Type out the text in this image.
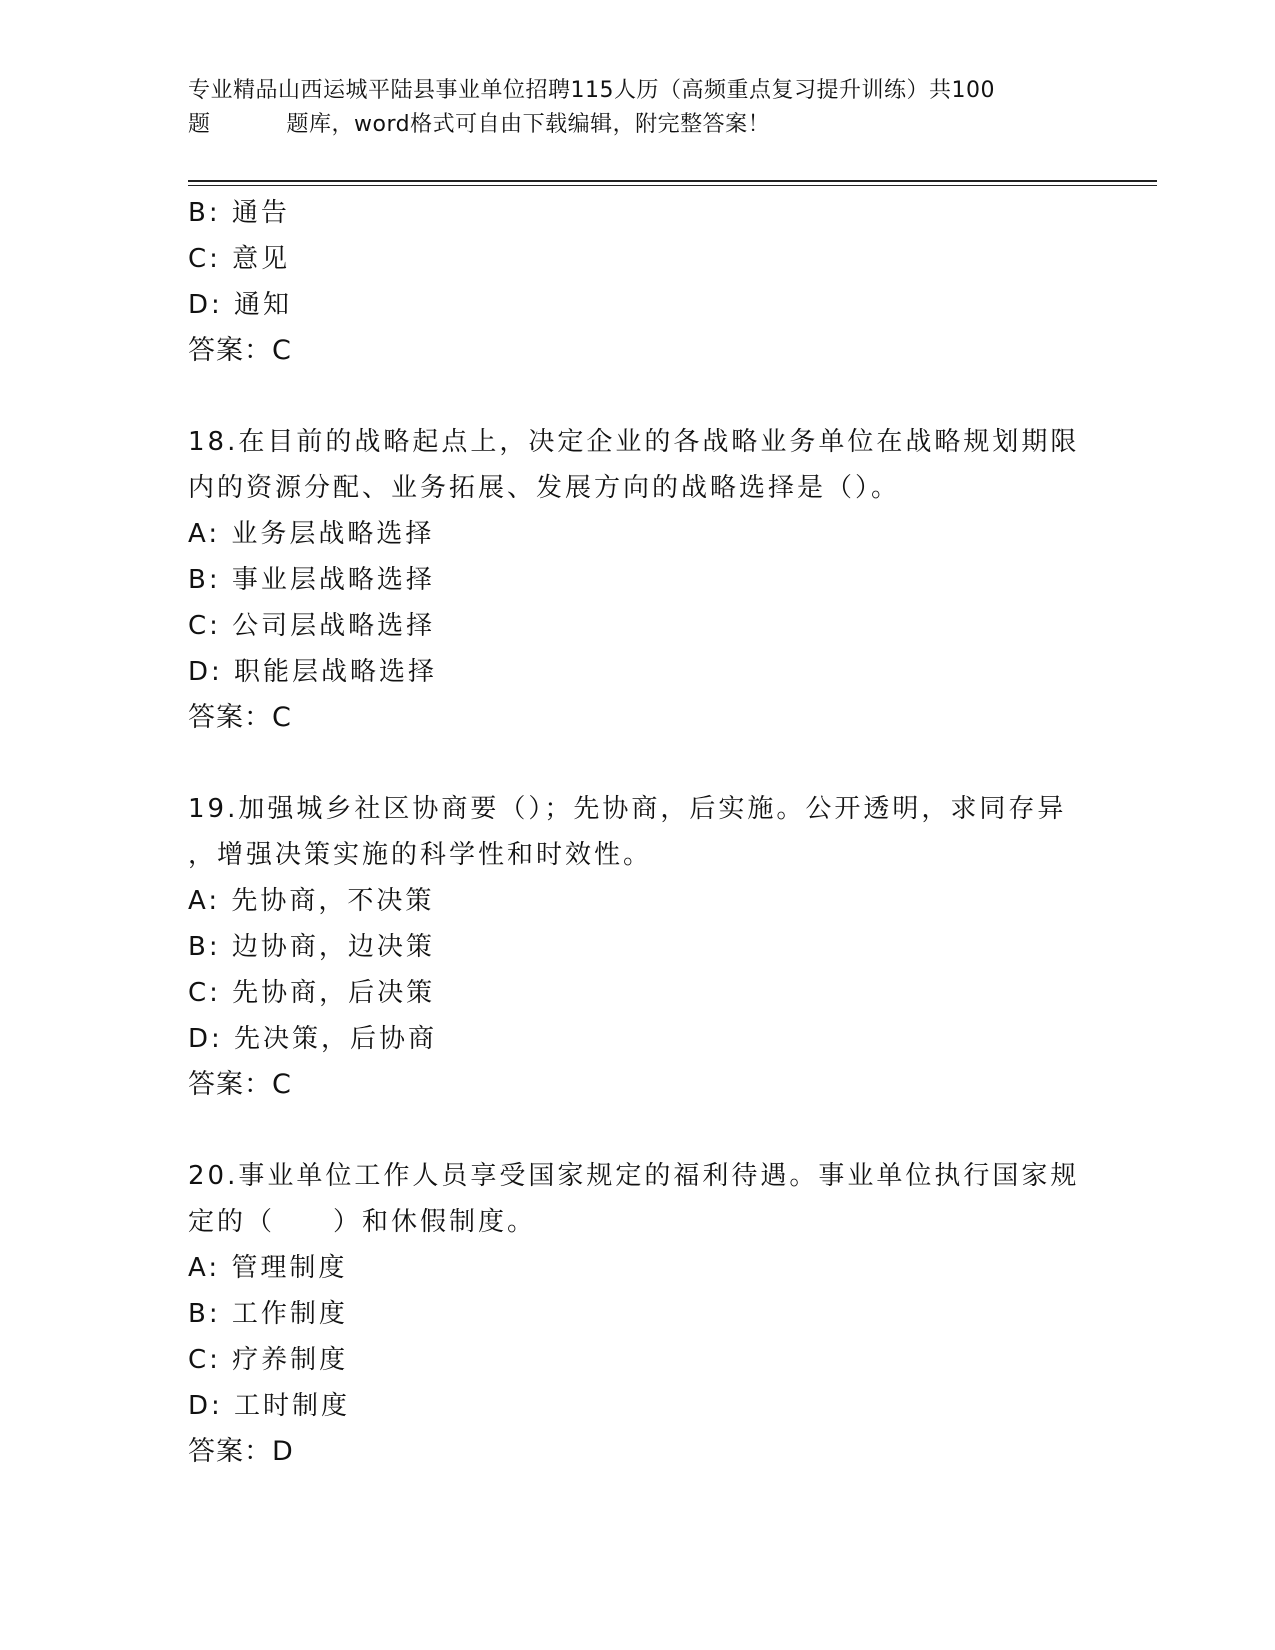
专业精品山西运城平陆县事业单位招聘115人历（高频重点复习提升训练）共100
题	题库，word格式可自由下载编辑，附完整答案！
B: 通告
C: 意见
D: 通知
答案：C
18.在目前的战略起点上，决定企业的各战略业务单位在战略规划期限
内的资源分配、业务拓展、发展方向的战略选择是（）。
A: 业务层战略选择
B: 事业层战略选择
C: 公司层战略选择
D: 职能层战略选择
答案：C
19.加强城乡社区协商要（）；先协商，后实施。公开透明，求同存异
，增强决策实施的科学性和时效性。
A: 先协商，不决策
B: 边协商，边决策
C: 先协商，后决策
D: 先决策，后协商
答案：C
20.事业单位工作人员享受国家规定的福利待遇。事业单位执行国家规
定的（　　）和休假制度。
A: 管理制度
B: 工作制度
C: 疗养制度
D: 工时制度
答案：D
